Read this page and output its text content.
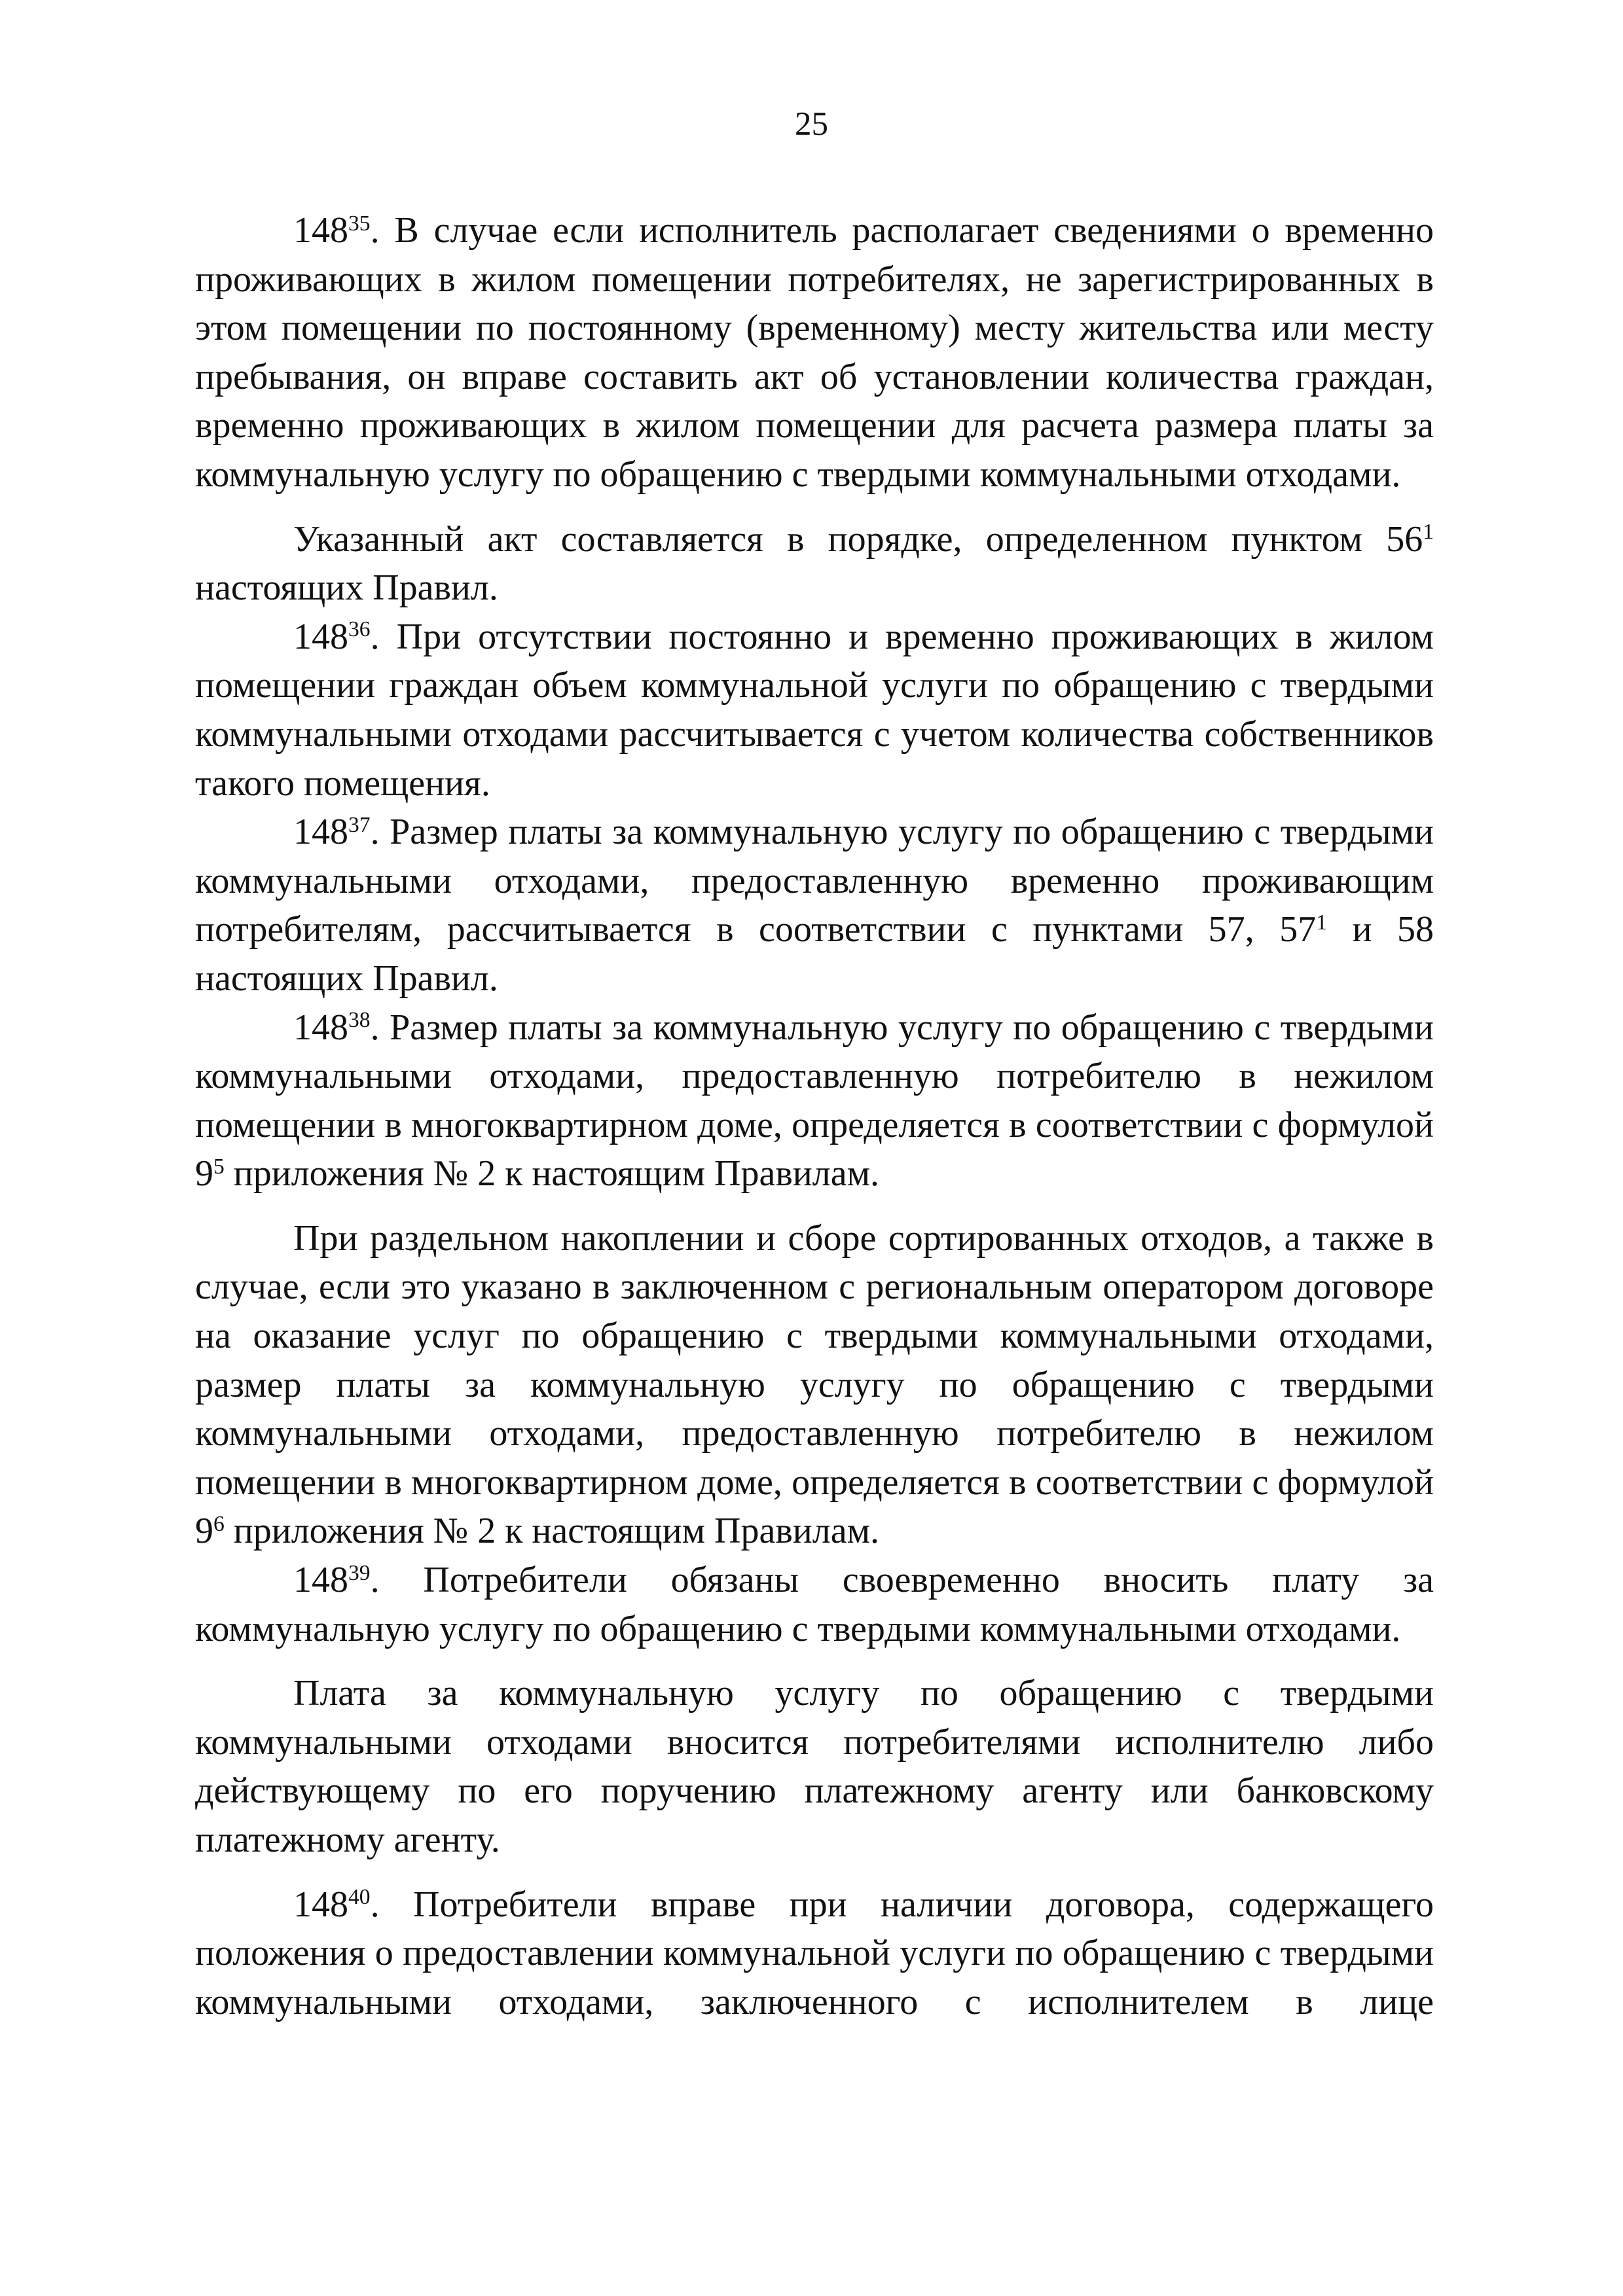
25

$148^{35}$. В случае если исполнитель располагает сведениями о временно проживающих в жилом помещении потребителях, не зарегистрированных в этом помещении по постоянному (временному) месту жительства или месту пребывания, он вправе составить акт об установлении количества граждан, временно проживающих в жилом помещении для расчета размера платы за коммунальную услугу по обращению с твердыми коммунальными отходами.

Указанный акт составляется в порядке, определенном пунктом $56^1$ настоящих Правил.

$148^{36}$. При отсутствии постоянно и временно проживающих в жилом помещении граждан объем коммунальной услуги по обращению с твердыми коммунальными отходами рассчитывается с учетом количества собственников такого помещения.

$148^{37}$. Размер платы за коммунальную услугу по обращению с твердыми коммунальными отходами, предоставленную временно проживающим потребителям, рассчитывается в соответствии с пунктами 57, $57^1$ и 58 настоящих Правил.

$148^{38}$. Размер платы за коммунальную услугу по обращению с твердыми коммунальными отходами, предоставленную потребителю в нежилом помещении в многоквартирном доме, определяется в соответствии с формулой $9^5$ приложения № 2 к настоящим Правилам.

При раздельном накоплении и сборе сортированных отходов, а также в случае, если это указано в заключенном с региональным оператором договоре на оказание услуг по обращению с твердыми коммунальными отходами, размер платы за коммунальную услугу по обращению с твердыми коммунальными отходами, предоставленную потребителю в нежилом помещении в многоквартирном доме, определяется в соответствии с формулой $9^6$ приложения № 2 к настоящим Правилам.

$148^{39}$. Потребители обязаны своевременно вносить плату за коммунальную услугу по обращению с твердыми коммунальными отходами.

Плата за коммунальную услугу по обращению с твердыми коммунальными отходами вносится потребителями исполнителю либо действующему по его поручению платежному агенту или банковскому платежному агенту.

$148^{40}$. Потребители вправе при наличии договора, содержащего положения о предоставлении коммунальной услуги по обращению с твердыми коммунальными отходами, заключенного с исполнителем в лице
